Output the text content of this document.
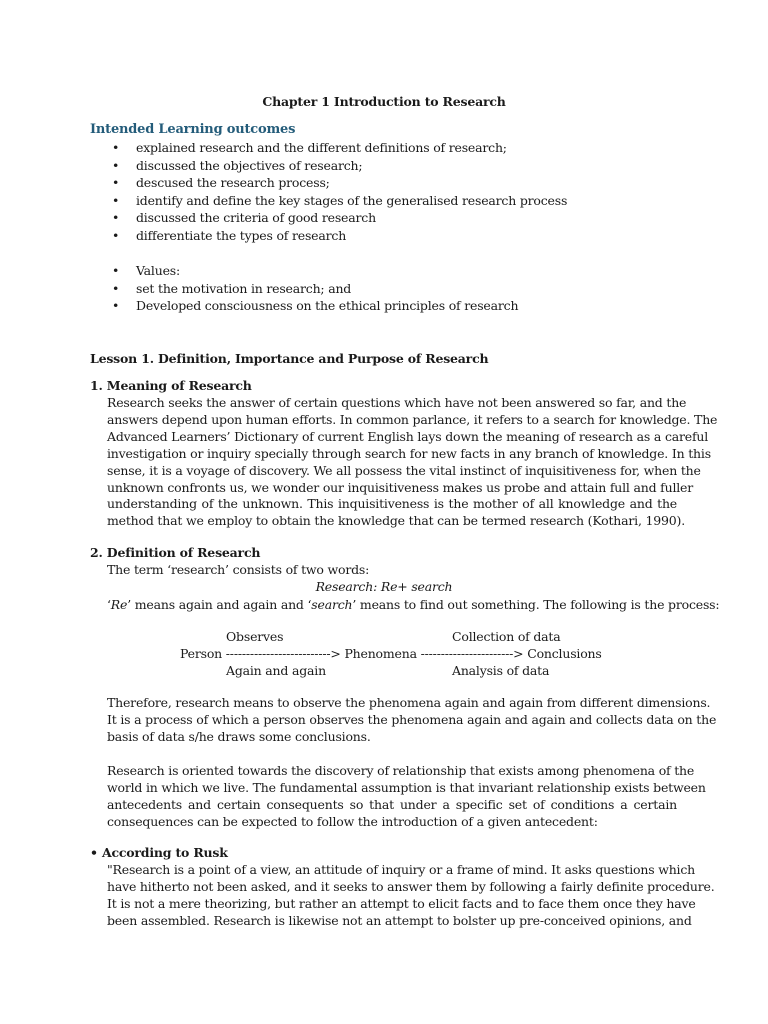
Chapter 1 Introduction to Research
Intended Learning outcomes
• explained research and the different definitions of research;
• discussed the objectives of research;
• descused the research process;
• identify and define the key stages of the generalised research process
• discussed the criteria of good research
• differentiate the types of research
• Values:
• set the motivation in research; and
• Developed consciousness on the ethical principles of research
Lesson 1. Definition, Importance and Purpose of Research
1. Meaning of Research
Research seeks the answer of certain questions which have not been answered so far, and the
answers depend upon human efforts. In common parlance, it refers to a search for knowledge. The
Advanced Learners’ Dictionary of current English lays down the meaning of research as a careful
investigation or inquiry specially through search for new facts in any branch of knowledge. In this
sense, it is a voyage of discovery. We all possess the vital instinct of inquisitiveness for, when the
unknown confronts us, we wonder our inquisitiveness makes us probe and attain full and fuller
understanding of the unknown. This inquisitiveness is the mother of all knowledge and the
method that we employ to obtain the knowledge that can be termed research (Kothari, 1990).
2. Definition of Research
The term ‘research’ consists of two words:
Research: Re+ search
‘Re’ means again and again and ‘search’ means to find out something. The following is the process:
Observes	Collection of data
Person --------------------------> Phenomena -----------------------> Conclusions
Again and again	Analysis of data
Therefore, research means to observe the phenomena again and again from different dimensions.
It is a process of which a person observes the phenomena again and again and collects data on the
basis of data s/he draws some conclusions.
Research is oriented towards the discovery of relationship that exists among phenomena of the
world in which we live. The fundamental assumption is that invariant relationship exists between
antecedents and certain consequents so that under a specific set of conditions a certain
consequences can be expected to follow the introduction of a given antecedent:
• According to Rusk
"Research is a point of a view, an attitude of inquiry or a frame of mind. It asks questions which
have hitherto not been asked, and it seeks to answer them by following a fairly definite procedure.
It is not a mere theorizing, but rather an attempt to elicit facts and to face them once they have
been assembled. Research is likewise not an attempt to bolster up pre-conceived opinions, and
